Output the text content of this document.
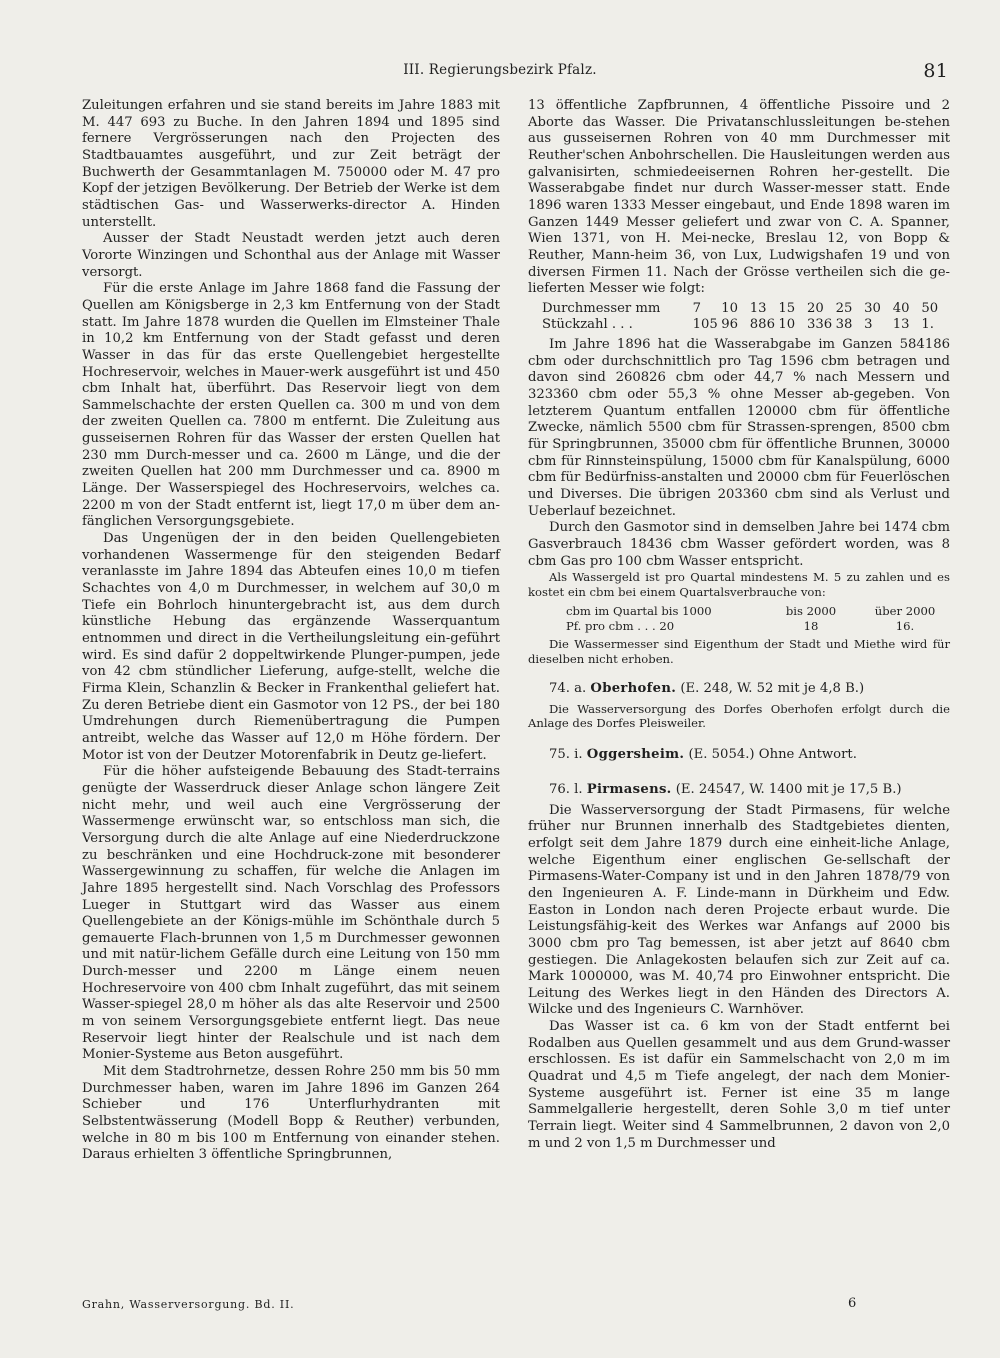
III. Regierungsbezirk Pfalz.	81

Zuleitungen erfahren und sie stand bereits im Jahre 1883 mit M. 447 693 zu Buche. In den Jahren 1894 und 1895 sind fernere Vergrösserungen nach den Projecten des Stadtbauamtes ausgeführt, und zur Zeit beträgt der Buchwerth der Gesammtanlagen M. 750000 oder M. 47 pro Kopf der jetzigen Bevölkerung. Der Betrieb der Werke ist dem städtischen Gas- und Wasserwerks-director A. Hinden unterstellt.

Ausser der Stadt Neustadt werden jetzt auch deren Vororte Winzingen und Schonthal aus der Anlage mit Wasser versorgt.

Für die erste Anlage im Jahre 1868 fand die Fassung der Quellen am Königsberge in 2,3 km Entfernung von der Stadt statt. Im Jahre 1878 wurden die Quellen im Elmsteiner Thale in 10,2 km Entfernung von der Stadt gefasst und deren Wasser in das für das erste Quellengebiet hergestellte Hochreservoir, welches in Mauer-werk ausgeführt ist und 450 cbm Inhalt hat, überführt. Das Reservoir liegt von dem Sammelschachte der ersten Quellen ca. 300 m und von dem der zweiten Quellen ca. 7800 m entfernt. Die Zuleitung aus gusseisernen Rohren für das Wasser der ersten Quellen hat 230 mm Durch-messer und ca. 2600 m Länge, und die der zweiten Quellen hat 200 mm Durchmesser und ca. 8900 m Länge. Der Wasserspiegel des Hochreservoirs, welches ca. 2200 m von der Stadt entfernt ist, liegt 17,0 m über dem an-fänglichen Versorgungsgebiete.

Das Ungenügen der in den beiden Quellengebieten vorhandenen Wassermenge für den steigenden Bedarf veranlasste im Jahre 1894 das Abteufen eines 10,0 m tiefen Schachtes von 4,0 m Durchmesser, in welchem auf 30,0 m Tiefe ein Bohrloch hinuntergebracht ist, aus dem durch künstliche Hebung das ergänzende Wasserquantum entnommen und direct in die Vertheilungsleitung ein-geführt wird. Es sind dafür 2 doppeltwirkende Plunger-pumpen, jede von 42 cbm stündlicher Lieferung, aufge-stellt, welche die Firma Klein, Schanzlin & Becker in Frankenthal geliefert hat. Zu deren Betriebe dient ein Gasmotor von 12 PS., der bei 180 Umdrehungen durch Riemenübertragung die Pumpen antreibt, welche das Wasser auf 12,0 m Höhe fördern. Der Motor ist von der Deutzer Motorenfabrik in Deutz ge-liefert.

Für die höher aufsteigende Bebauung des Stadt-terrains genügte der Wasserdruck dieser Anlage schon längere Zeit nicht mehr, und weil auch eine Vergrösserung der Wassermenge erwünscht war, so entschloss man sich, die Versorgung durch die alte Anlage auf eine Niederdruckzone zu beschränken und eine Hochdruck-zone mit besonderer Wassergewinnung zu schaffen, für welche die Anlagen im Jahre 1895 hergestellt sind. Nach Vorschlag des Professors Lueger in Stuttgart wird das Wasser aus einem Quellengebiete an der Königs-mühle im Schönthale durch 5 gemauerte Flach-brunnen von 1,5 m Durchmesser gewonnen und mit natür-lichem Gefälle durch eine Leitung von 150 mm Durch-messer und 2200 m Länge einem neuen Hochreservoire von 400 cbm Inhalt zugeführt, das mit seinem Wasser-spiegel 28,0 m höher als das alte Reservoir und 2500 m von seinem Versorgungsgebiete entfernt liegt. Das neue Reservoir liegt hinter der Realschule und ist nach dem Monier-Systeme aus Beton ausgeführt.

Mit dem Stadtrohrnetze, dessen Rohre 250 mm bis 50 mm Durchmesser haben, waren im Jahre 1896 im Ganzen 264 Schieber und 176 Unterflurhydranten mit Selbstentwässerung (Modell Bopp & Reuther) verbunden, welche in 80 m bis 100 m Entfernung von einander stehen. Daraus erhielten 3 öffentliche Springbrunnen,

13 öffentliche Zapfbrunnen, 4 öffentliche Pissoire und 2 Aborte das Wasser. Die Privatanschlussleitungen be-stehen aus gusseisernen Rohren von 40 mm Durchmesser mit Reuther'schen Anbohrschellen. Die Hausleitungen werden aus galvanisirten, schmiedeeisernen Rohren her-gestellt. Die Wasserabgabe findet nur durch Wasser-messer statt. Ende 1896 waren 1333 Messer eingebaut, und Ende 1898 waren im Ganzen 1449 Messer geliefert und zwar von C. A. Spanner, Wien 1371, von H. Mei-necke, Breslau 12, von Bopp & Reuther, Mann-heim 36, von Lux, Ludwigshafen 19 und von diversen Firmen 11. Nach der Grösse vertheilen sich die ge-lieferten Messer wie folgt:

Durchmesser mm	7	10 13 15 20 25 30 40 50
Stückzahl . . .	105 96 886 10 336 38 3	13 1.

Im Jahre 1896 hat die Wasserabgabe im Ganzen 584186 cbm oder durchschnittlich pro Tag 1596 cbm betragen und davon sind 260826 cbm oder 44,7 % nach Messern und 323360 cbm oder 55,3 % ohne Messer ab-gegeben. Von letzterem Quantum entfallen 120000 cbm für öffentliche Zwecke, nämlich 5500 cbm für Strassen-sprengen, 8500 cbm für Springbrunnen, 35000 cbm für öffentliche Brunnen, 30000 cbm für Rinnsteinspülung, 15000 cbm für Kanalspülung, 6000 cbm für Bedürfniss-anstalten und 20000 cbm für Feuerlöschen und Diverses. Die übrigen 203360 cbm sind als Verlust und Ueberlauf bezeichnet.

Durch den Gasmotor sind in demselben Jahre bei 1474 cbm Gasverbrauch 18436 cbm Wasser gefördert worden, was 8 cbm Gas pro 100 cbm Wasser entspricht.

Als Wassergeld ist pro Quartal mindestens M. 5 zu zahlen und es kostet ein cbm bei einem Quartalsverbrauche von:

cbm im Quartal bis 1000	bis 2000	über 2000
Pf. pro cbm . . . 20	18	16.

Die Wassermesser sind Eigenthum der Stadt und Miethe wird für dieselben nicht erhoben.

74. a. Oberhofen. (E. 248, W. 52 mit je 4,8 B.)

Die Wasserversorgung des Dorfes Oberhofen erfolgt durch die Anlage des Dorfes Pleisweiler.

75. i. Oggersheim. (E. 5054.) Ohne Antwort.
76. l. Pirmasens. (E. 24547, W. 1400 mit je 17,5 B.)

Die Wasserversorgung der Stadt Pirmasens, für welche früher nur Brunnen innerhalb des Stadtgebietes dienten, erfolgt seit dem Jahre 1879 durch eine einheit-liche Anlage, welche Eigenthum einer englischen Ge-sellschaft der Pirmasens-Water-Company ist und in den Jahren 1878/79 von den Ingenieuren A. F. Linde-mann in Dürkheim und Edw. Easton in London nach deren Projecte erbaut wurde. Die Leistungsfähig-keit des Werkes war Anfangs auf 2000 bis 3000 cbm pro Tag bemessen, ist aber jetzt auf 8640 cbm gestiegen. Die Anlagekosten belaufen sich zur Zeit auf ca. Mark 1000000, was M. 40,74 pro Einwohner entspricht. Die Leitung des Werkes liegt in den Händen des Directors A. Wilcke und des Ingenieurs C. Warnhöver.

Das Wasser ist ca. 6 km von der Stadt entfernt bei Rodalben aus Quellen gesammelt und aus dem Grund-wasser erschlossen. Es ist dafür ein Sammelschacht von 2,0 m im Quadrat und 4,5 m Tiefe angelegt, der nach dem Monier-Systeme ausgeführt ist. Ferner ist eine 35 m lange Sammelgallerie hergestellt, deren Sohle 3,0 m tief unter Terrain liegt. Weiter sind 4 Sammelbrunnen, 2 davon von 2,0 m und 2 von 1,5 m Durchmesser und

Grahn, Wasserversorgung. Bd. II.	6
